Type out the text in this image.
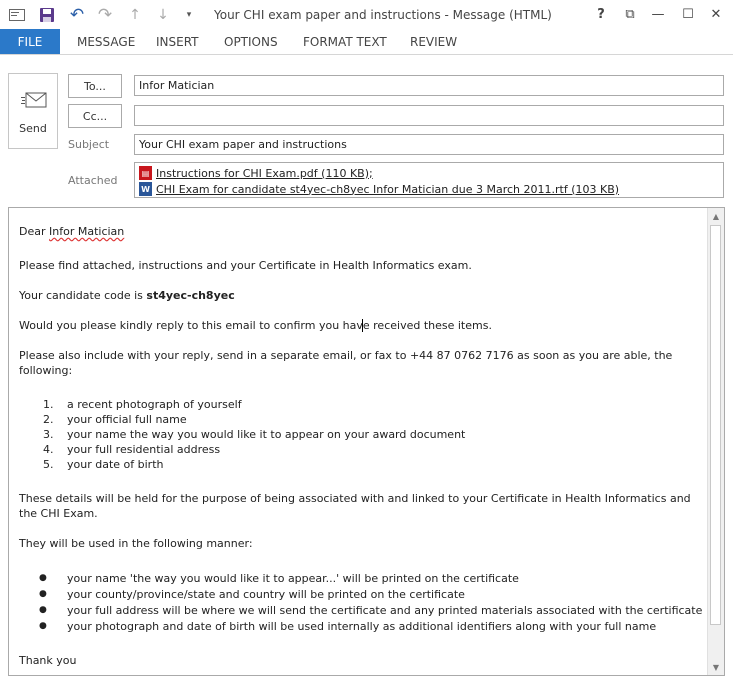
↶ ↷ ↑ ↓	▾	Your CHI exam paper and instructions - Message (HTML)	?	⧉	—	☐	✕
FILE	MESSAGE INSERT OPTIONS FORMAT TEXT REVIEW
Send
To...	Infor Matician
Cc...
Subject	Your CHI exam paper and instructions
Attached
▤ Instructions for CHI Exam.pdf (110 KB);
W CHI Exam for candidate st4yec-ch8yec Infor Matician due 3 March 2011.rtf (103 KB)
Dear Infor Matician
Please find attached, instructions and your Certificate in Health Informatics exam.
Your candidate code is st4yec-ch8yec
Would you please kindly reply to this email to confirm you have received these items.
Please also include with your reply, send in a separate email, or fax to +44 87 0762 7176 as soon as you are able, the following:
1. a recent photograph of yourself
2. your official full name
3. your name the way you would like it to appear on your award document
4. your full residential address
5. your date of birth
These details will be held for the purpose of being associated with and linked to your Certificate in Health Informatics and the CHI Exam.
They will be used in the following manner:
● your name 'the way you would like it to appear...' will be printed on the certificate
● your county/province/state and country will be printed on the certificate
● your full address will be where we will send the certificate and any printed materials associated with the certificate
● your photograph and date of birth will be used internally as additional identifiers along with your full name
Thank you
▲
▼
